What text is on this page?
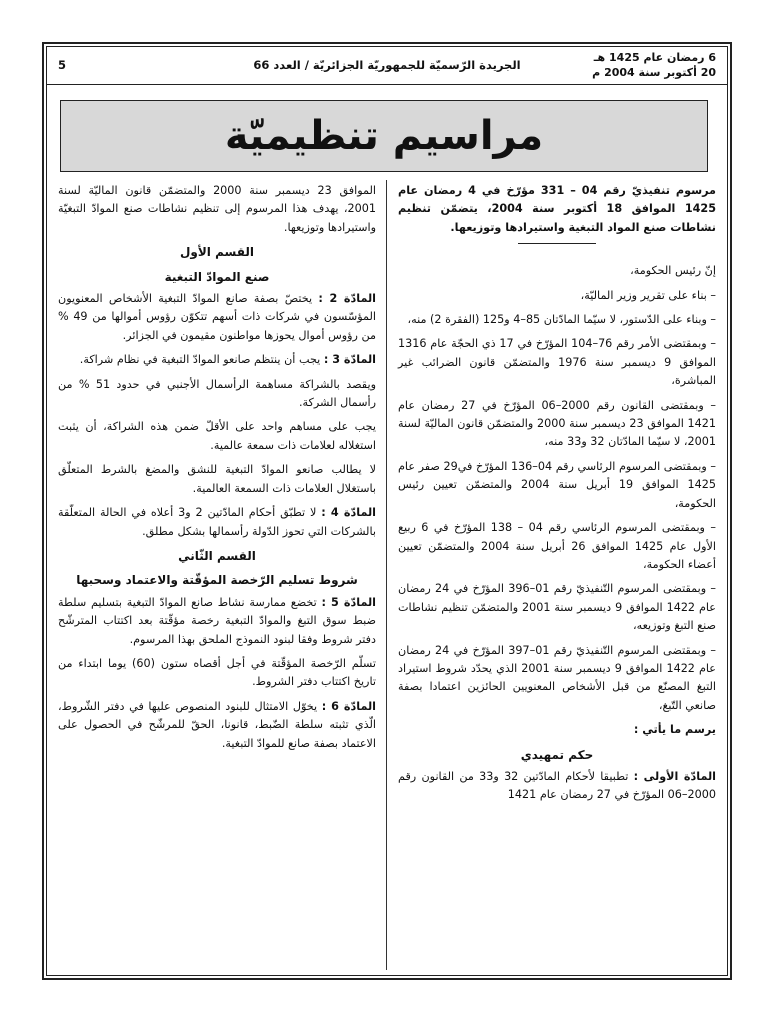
6 رمضان عام 1425 هـ
20 أكتوبر سنة 2004 م
الجريدة الرّسميّة للجمهوريّة الجزائريّة / العدد 66
5
مراسيم تنظيميّة

مرسوم تنفيذيّ رقم 04 – 331 مؤرّخ في 4 رمضان عام 1425 الموافق 18 أكتوبر سنة 2004، يتضمّن تنظيم نشاطات صنع المواد التبغية واستيرادها وتوزيعها.

إنّ رئيس الحكومة،

– بناء على تقرير وزير الماليّة،

– وبناء على الدّستور، لا سيّما المادّتان 85–4 و125 (الفقرة 2) منه،

– وبمقتضى الأمر رقم 76–104 المؤرّخ في 17 ذي الحجّة عام 1316 الموافق 9 ديسمبر سنة 1976 والمتضمّن قانون الضرائب غير المباشرة،

– وبمقتضى القانون رقم 2000–06 المؤرّخ في 27 رمضان عام 1421 الموافق 23 ديسمبر سنة 2000 والمتضمّن قانون الماليّة لسنة 2001، لا سيّما المادّتان 32 و33 منه،

– وبمقتضى المرسوم الرئاسي رقم 04–136 المؤرّخ في29 صفر عام 1425 الموافق 19 أبريل سنة 2004 والمتضمّن تعيين رئيس الحكومة،

– وبمقتضى المرسوم الرئاسي رقم 04 – 138 المؤرّخ في 6 ربيع الأول عام 1425 الموافق 26 أبريل سنة 2004 والمتضمّن تعيين أعضاء الحكومة،

– وبمقتضى المرسوم التّنفيذيّ رقم 01–396 المؤرّخ في 24 رمضان عام 1422 الموافق 9 ديسمبر سنة 2001 والمتضمّن تنظيم نشاطات صنع التبغ وتوزيعه،

– وبمقتضى المرسوم التّنفيذيّ رقم 01–397 المؤرّخ في 24 رمضان عام 1422 الموافق 9 ديسمبر سنة 2001 الذي يحدّد شروط استيراد التبغ المصنّع من قبل الأشخاص المعنويين الحائزين اعتمادا بصفة صانعي التّبغ،

يرسم ما يأتي :

حكم تمهيدي

المادّة الأولى : تطبيقا لأحكام المادّتين 32 و33 من القانون رقم 2000–06 المؤرّخ في 27 رمضان عام 1421

الموافق 23 ديسمبر سنة 2000 والمتضمّن قانون الماليّة لسنة 2001، يهدف هذا المرسوم إلى تنظيم نشاطات صنع الموادّ التبغيّة واستيرادها وتوزيعها.

القسم الأول
صنع الموادّ التبغية

المادّة 2 : يختصّ بصفة صانع الموادّ التبغية الأشخاص المعنويون المؤسّسون في شركات ذات أسهم تتكوّن رؤوس أموالها من 49 % من رؤوس أموال يحوزها مواطنون مقيمون في الجزائر.

المادّة 3 : يجب أن ينتظم صانعو الموادّ التبغية في نظام شراكة.

ويقصد بالشراكة مساهمة الرأسمال الأجنبي في حدود 51 % من رأسمال الشركة.

يجب على مساهم واحد على الأقلّ ضمن هذه الشراكة، أن يثبت استغلاله لعلامات ذات سمعة عالمية.

لا يطالب صانعو الموادّ التبغية للنشق والمضغ بالشرط المتعلّق باستغلال العلامات ذات السمعة العالمية.

المادّة 4 : لا تطبّق أحكام المادّتين 2 و3 أعلاه في الحالة المتعلّقة بالشركات التي تحوز الدّولة رأسمالها بشكل مطلق.

القسم الثّاني
شروط تسليم الرّخصة المؤقّتة والاعتماد وسحبها

المادّة 5 : تخضع ممارسة نشاط صانع الموادّ التبغية بتسليم سلطة ضبط سوق التبغ والموادّ التبغية رخصة مؤقّتة بعد اكتتاب المترشّح دفتر شروط وفقا لبنود النموذج الملحق بهذا المرسوم.

تسلّم الرّخصة المؤقّتة في أجل أقصاه ستون (60) يوما ابتداء من تاريخ اكتتاب دفتر الشروط.

المادّة 6 : يخوّل الامتثال للبنود المنصوص عليها في دفتر الشّروط، الّذي تثبته سلطة الضّبط، قانونا، الحقّ للمرشّح في الحصول على الاعتماد بصفة صانع للموادّ التبغية.
